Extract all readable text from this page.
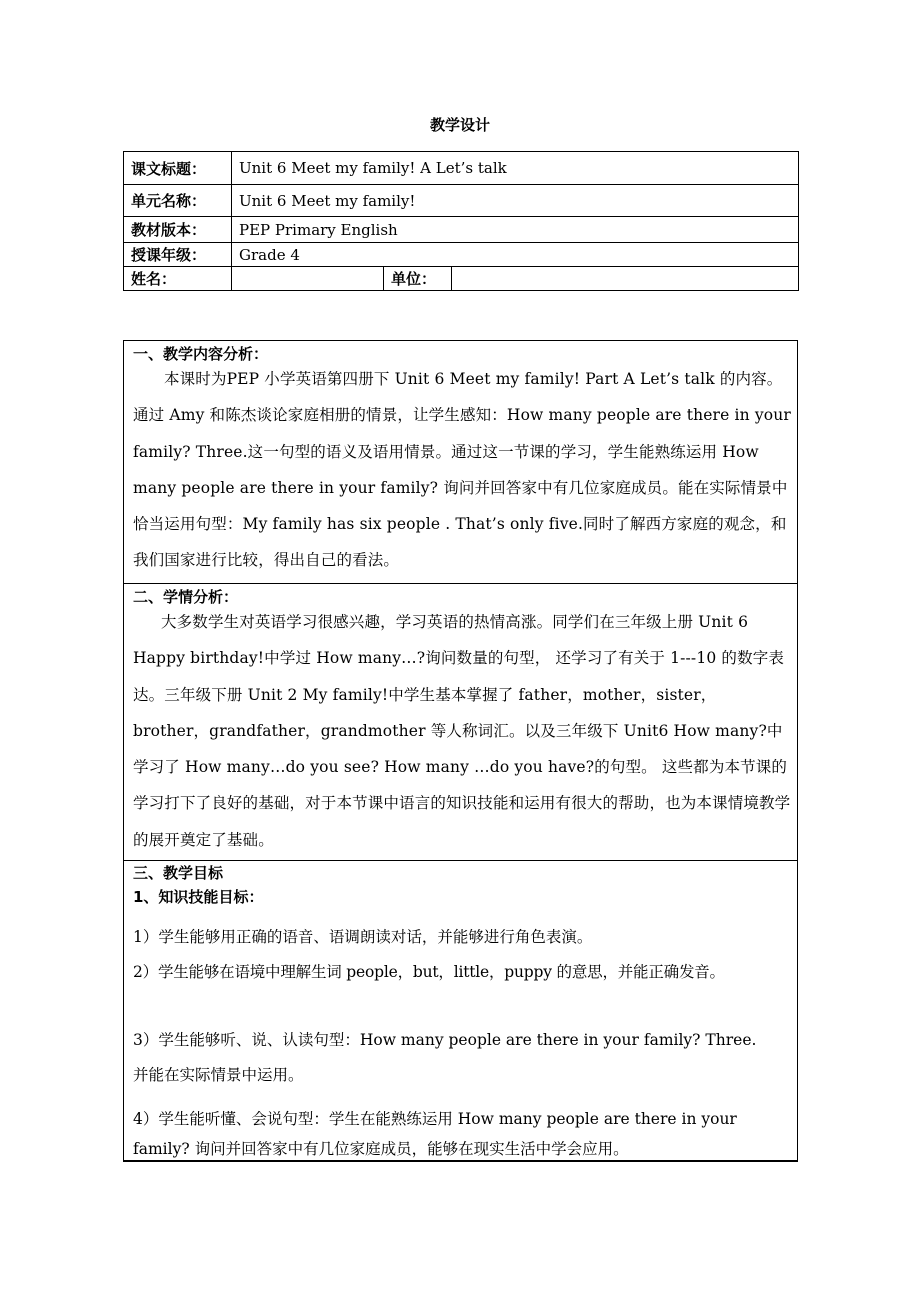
教学设计
课文标题：	Unit 6 Meet my family! A Let’s talk		
单元名称：	Unit 6 Meet my family!		
教材版本：	PEP Primary English		
授课年级：	Grade 4		
姓名：		单位：	
一、教学内容分析：
本课时为PEP 小学英语第四册下 Unit 6 Meet my family! Part A Let’s talk 的内容。通过 Amy 和陈杰谈论家庭相册的情景，让学生感知：How many people are there in your family? Three.这一句型的语义及语用情景。通过这一节课的学习，学生能熟练运用 How many people are there in your family? 询问并回答家中有几位家庭成员。能在实际情景中恰当运用句型：My family has six people . That’s only five.同时了解西方家庭的观念，和我们国家进行比较，得出自己的看法。
二、学情分析：
大多数学生对英语学习很感兴趣，学习英语的热情高涨。同学们在三年级上册 Unit 6 Happy birthday!中学过 How many…?询问数量的句型， 还学习了有关于 1---10 的数字表达。三年级下册 Unit 2 My family!中学生基本掌握了 father，mother，sister，brother，grandfather，grandmother 等人称词汇。以及三年级下 Unit6 How many?中学习了 How many…do you see? How many …do you have?的句型。 这些都为本节课的学习打下了良好的基础，对于本节课中语言的知识技能和运用有很大的帮助，也为本课情境教学的展开奠定了基础。
三、教学目标
1、知识技能目标：
1）学生能够用正确的语音、语调朗读对话，并能够进行角色表演。
2）学生能够在语境中理解生词 people，but，little，puppy 的意思，并能正确发音。
3）学生能够听、说、认读句型：How many people are there in your family? Three.
并能在实际情景中运用。
4）学生能听懂、会说句型：学生在能熟练运用 How many people are there in your
family? 询问并回答家中有几位家庭成员，能够在现实生活中学会应用。
